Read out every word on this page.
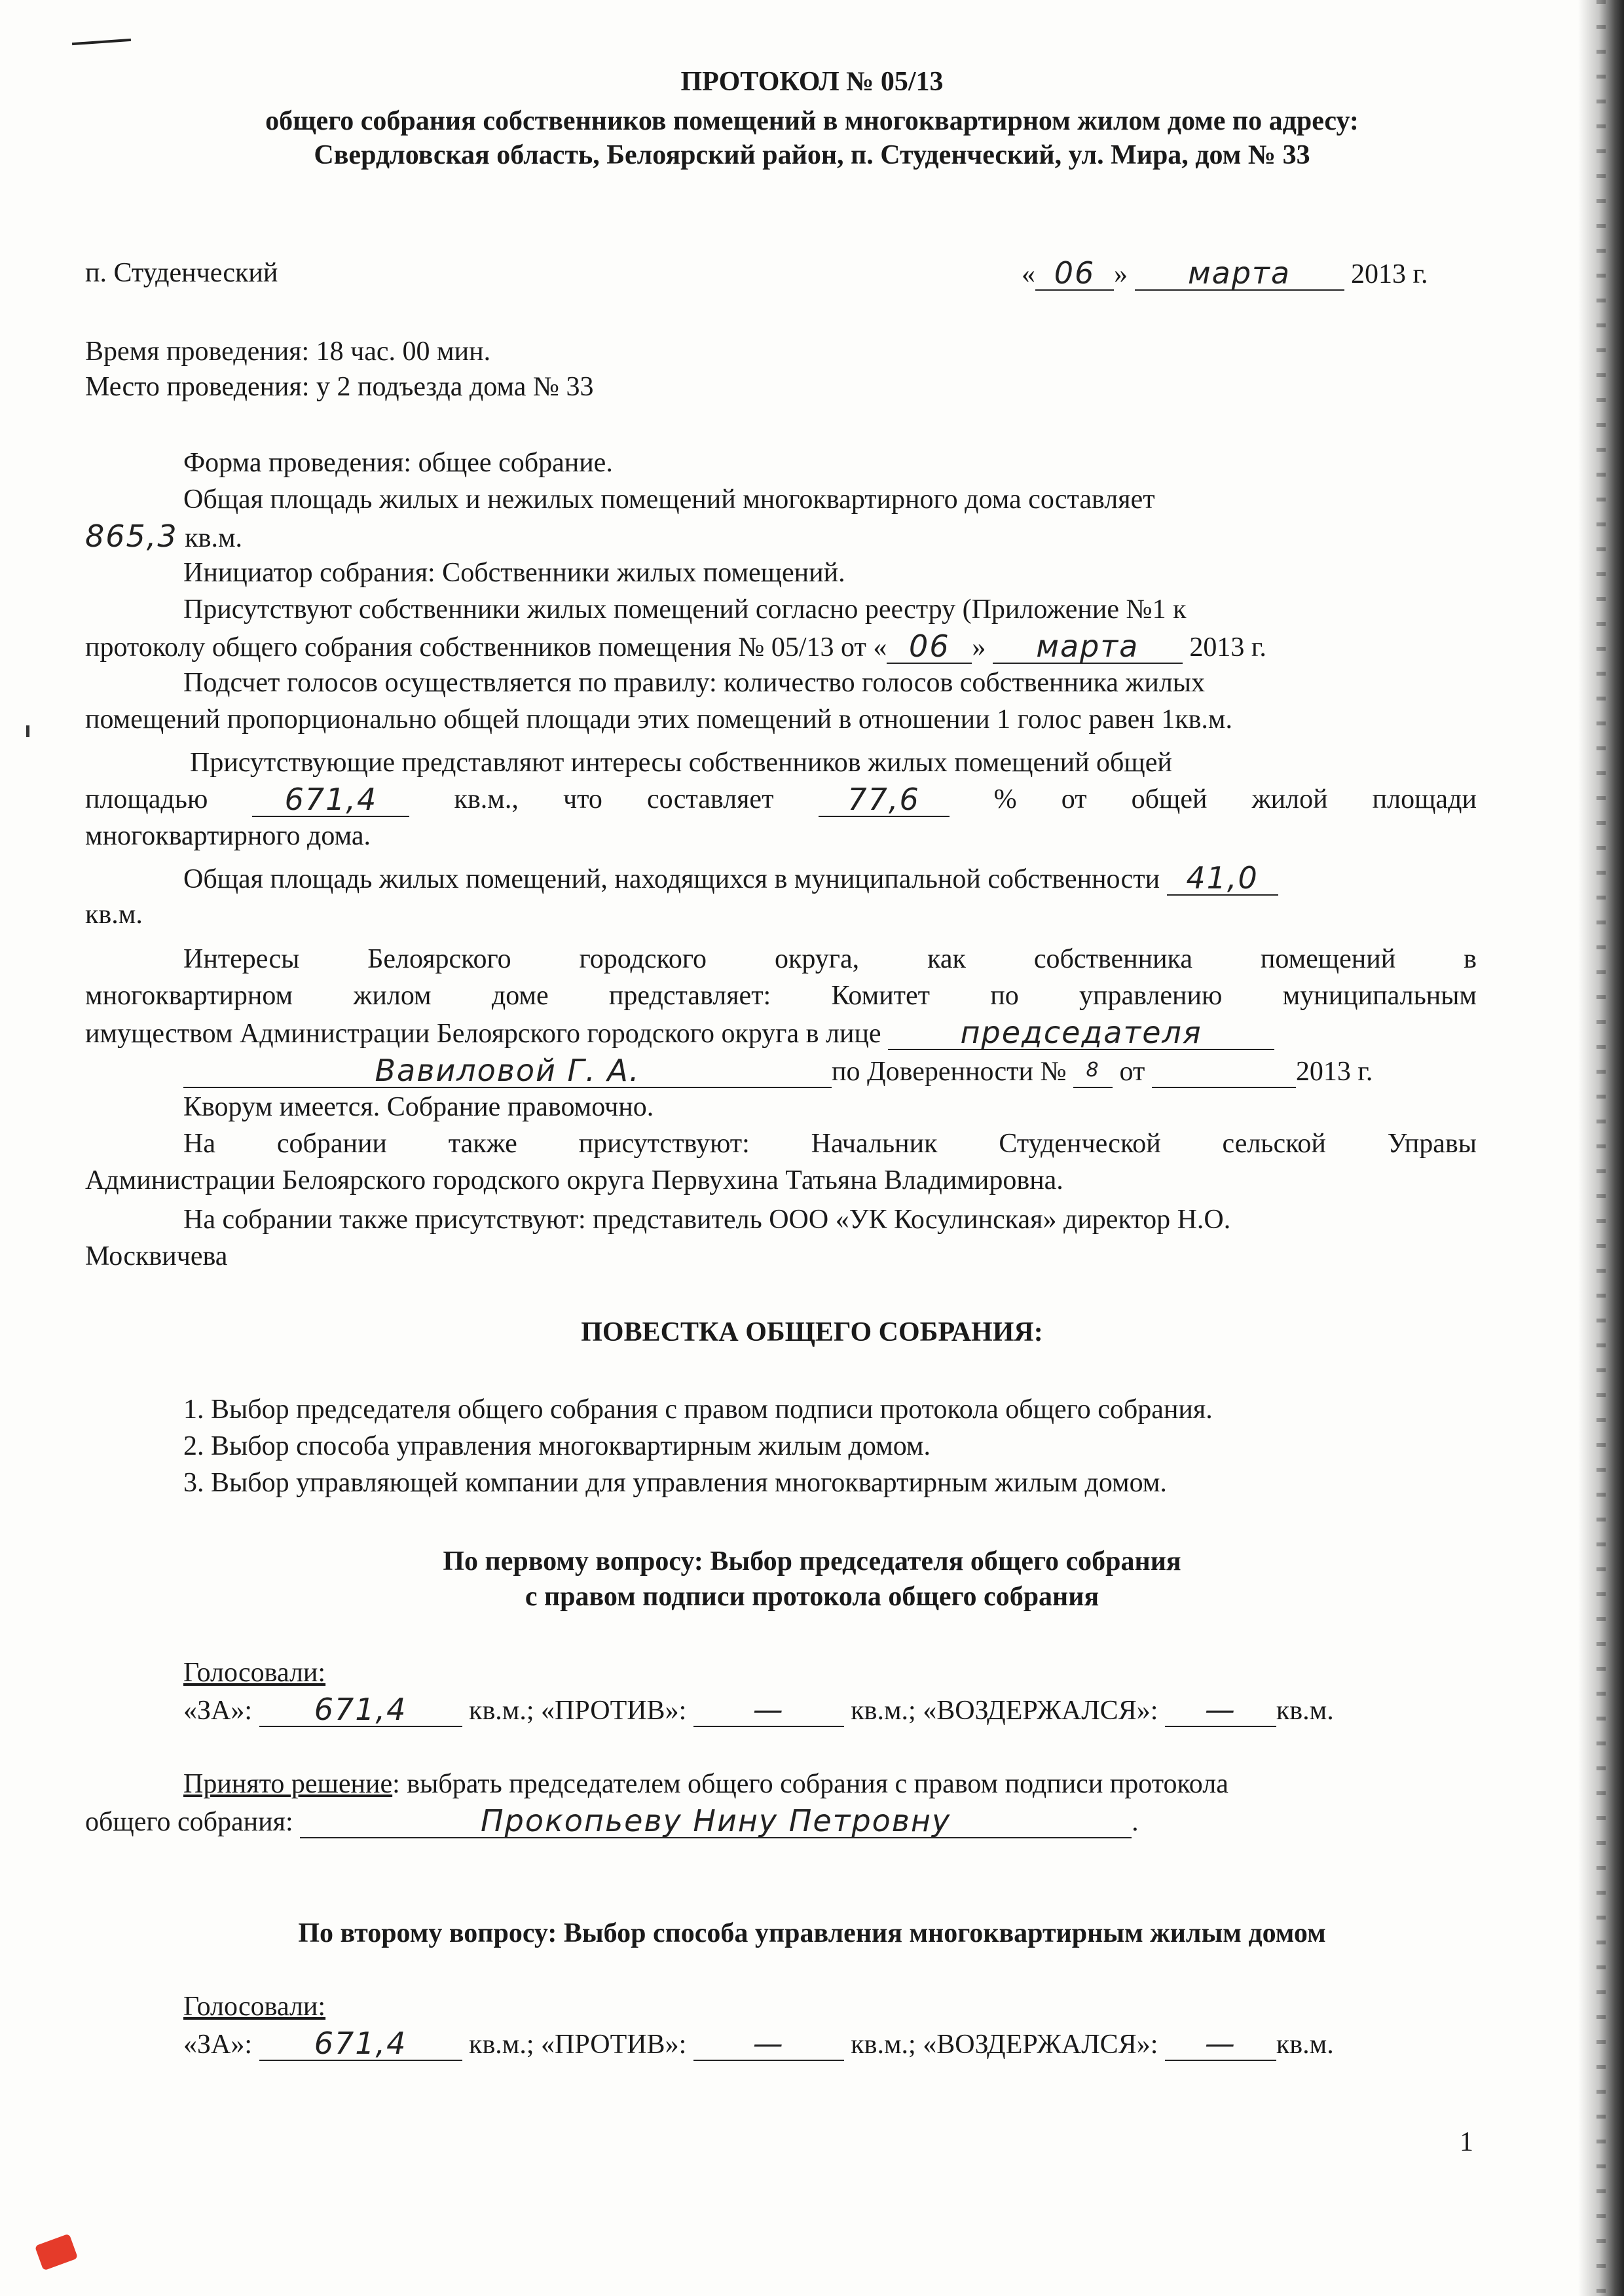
ПРОТОКОЛ № 05/13
общего собрания собственников помещений в многоквартирном жилом доме по адресу:
Свердловская область, Белоярский район, п. Студенческий, ул. Мира, дом № 33
п. Студенческий	« 06 » марта 2013 г.
Время проведения: 18 час. 00 мин.
Место проведения: у 2 подъезда дома № 33
Форма проведения: общее собрание.
Общая площадь жилых и нежилых помещений многоквартирного дома составляет
865,3 кв.м.
Инициатор собрания: Собственники жилых помещений.
Присутствуют собственники жилых помещений согласно реестру (Приложение №1 к
протоколу общего собрания собственников помещения № 05/13 от « 06 » марта 2013 г.
Подсчет голосов осуществляется по правилу: количество голосов собственника жилых
помещений пропорционально общей площади этих помещений в отношении 1 голос равен 1кв.м.
Присутствующие представляют интересы собственников жилых помещений общей
площадью	671,4	кв.м., что составляет	77,6	% от общей жилой площади
многоквартирного дома.
Общая площадь жилых помещений, находящихся в муниципальной собственности 41,0
кв.м.
Интересы Белоярского городского округа, как собственника помещений в
многоквартирном жилом доме представляет: Комитет по управлению муниципальным
имуществом Администрации Белоярского городского округа в лице	председателя
Вавиловой Г. А.	по Доверенности № 8 от	2013 г.
Кворум имеется. Собрание правомочно.
На собрании также присутствуют: Начальник Студенческой сельской Управы
Администрации Белоярского городского округа Первухина Татьяна Владимировна.
На собрании также присутствуют: представитель ООО «УК Косулинская» директор Н.О.
Москвичева
ПОВЕСТКА ОБЩЕГО СОБРАНИЯ:
1. Выбор председателя общего собрания с правом подписи протокола общего собрания.
2. Выбор способа управления многоквартирным жилым домом.
3. Выбор управляющей компании для управления многоквартирным жилым домом.
По первому вопросу: Выбор председателя общего собрания
с правом подписи протокола общего собрания
Голосовали:
«ЗА»: 671,4 кв.м.; «ПРОТИВ»: — кв.м.; «ВОЗДЕРЖАЛСЯ»: — кв.м.
Принято решение: выбрать председателем общего собрания с правом подписи протокола
общего собрания:	Прокопьеву Нину Петровну	.
По второму вопросу: Выбор способа управления многоквартирным жилым домом
Голосовали:
«ЗА»: 671,4 кв.м.; «ПРОТИВ»: — кв.м.; «ВОЗДЕРЖАЛСЯ»: — кв.м.
1
